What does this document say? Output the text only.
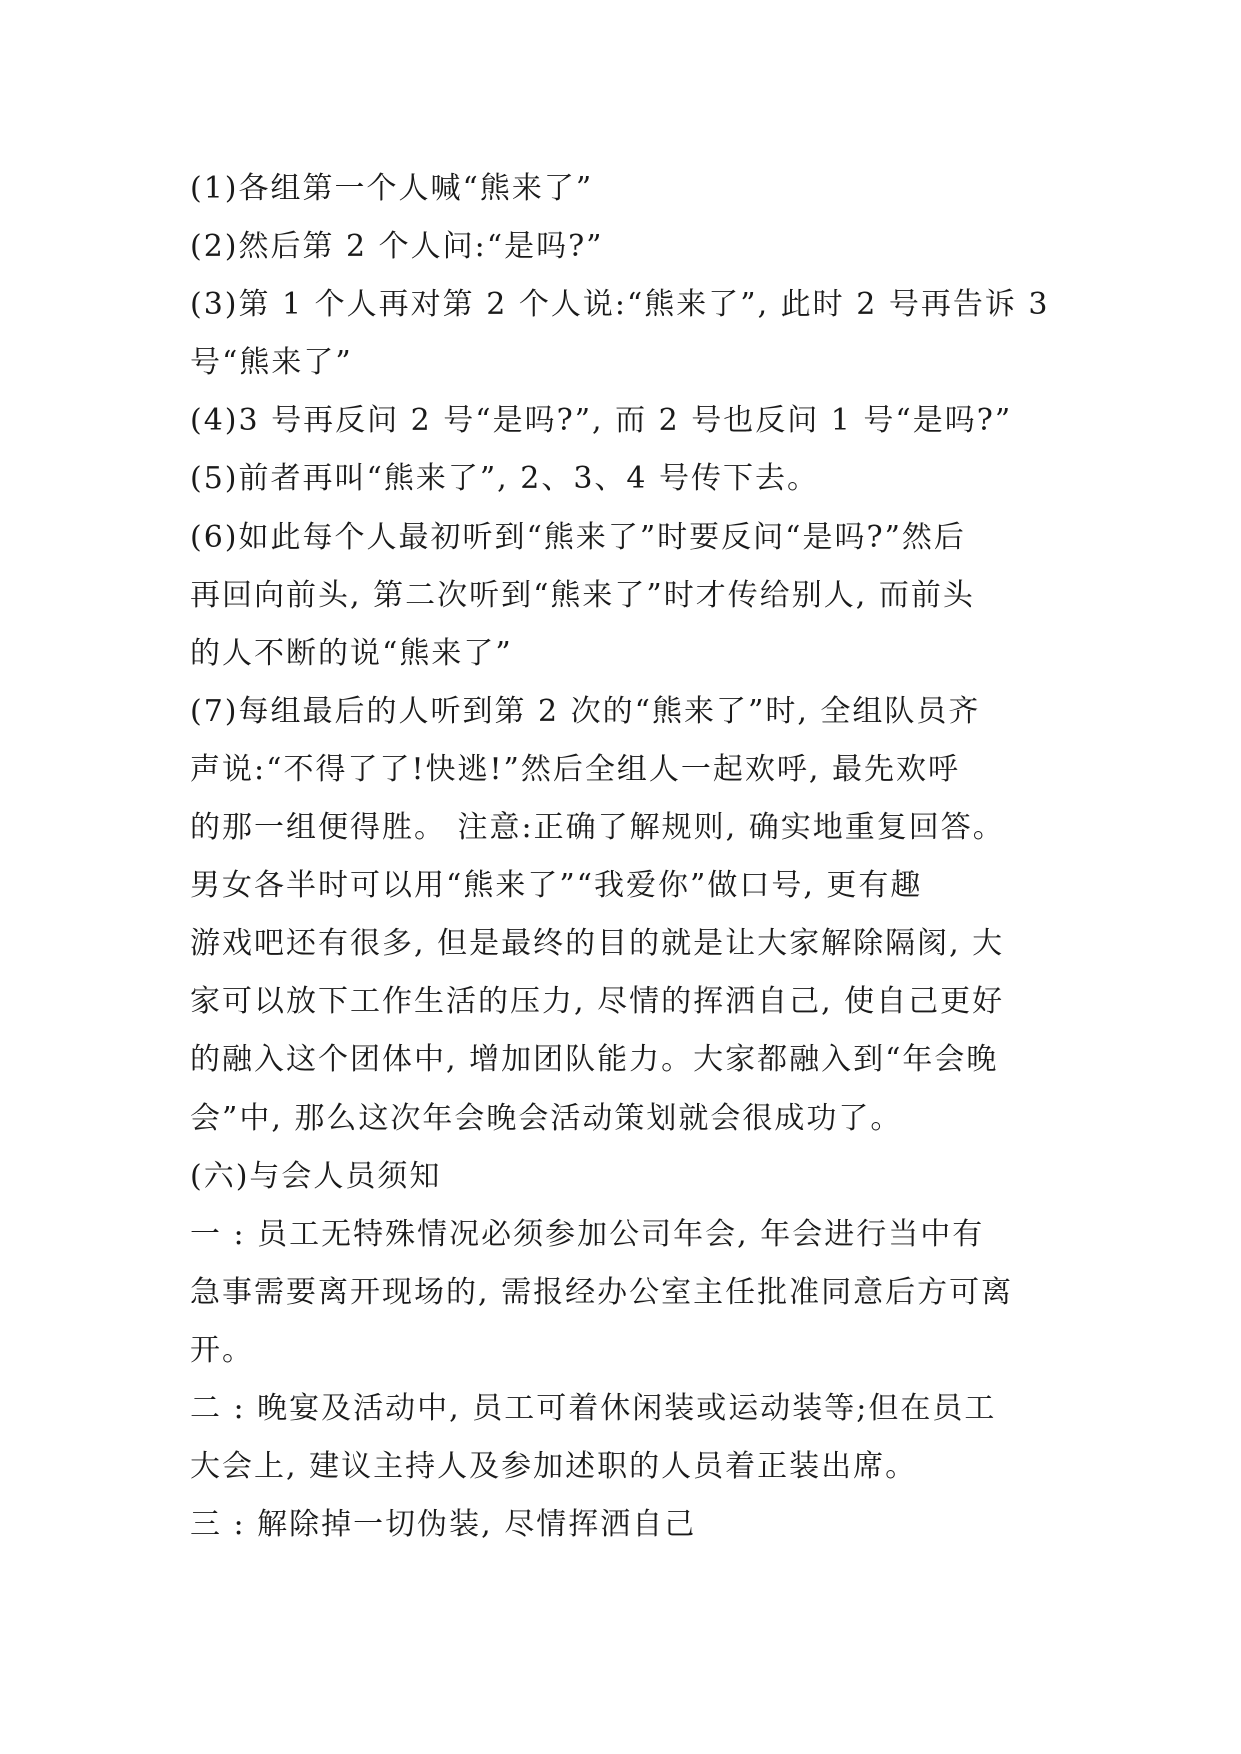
(1)各组第一个人喊“熊来了”
(2)然后第 2 个人问:“是吗?”
(3)第 1 个人再对第 2 个人说:“熊来了”, 此时 2 号再告诉 3
号“熊来了”
(4)3 号再反问 2 号“是吗?”, 而 2 号也反问 1 号“是吗?”
(5)前者再叫“熊来了”, 2、3、4 号传下去。
(6)如此每个人最初听到“熊来了”时要反问“是吗?”然后
再回向前头, 第二次听到“熊来了”时才传给别人, 而前头
的人不断的说“熊来了”
(7)每组最后的人听到第 2 次的“熊来了”时, 全组队员齐
声说:“不得了了!快逃!”然后全组人一起欢呼, 最先欢呼
的那一组便得胜。 注意:正确了解规则, 确实地重复回答。
男女各半时可以用“熊来了”“我爱你”做口号, 更有趣
游戏吧还有很多, 但是最终的目的就是让大家解除隔阂, 大
家可以放下工作生活的压力, 尽情的挥洒自己, 使自己更好
的融入这个团体中, 增加团队能力。大家都融入到“年会晚
会”中, 那么这次年会晚会活动策划就会很成功了。
(六)与会人员须知
一 : 员工无特殊情况必须参加公司年会, 年会进行当中有
急事需要离开现场的, 需报经办公室主任批准同意后方可离
开。
二 : 晚宴及活动中, 员工可着休闲装或运动装等;但在员工
大会上, 建议主持人及参加述职的人员着正装出席。
三 : 解除掉一切伪装, 尽情挥洒自己
